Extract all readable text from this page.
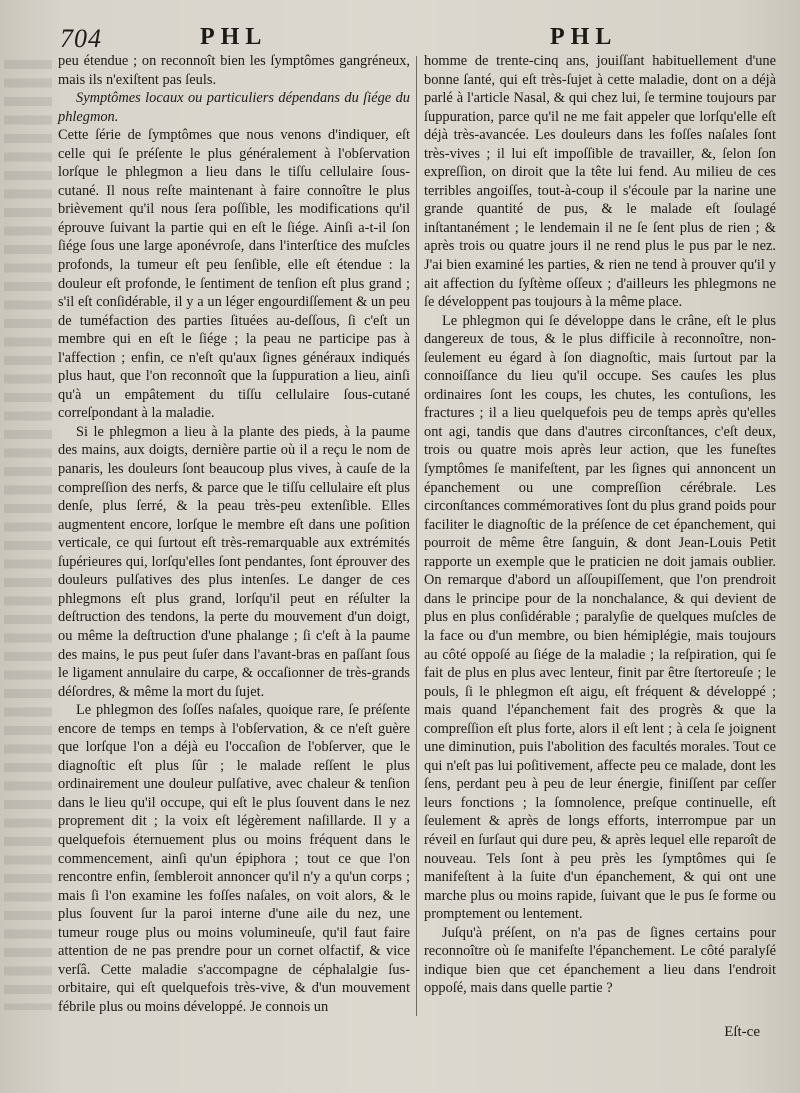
704	PHL	PHL

peu étendue ; on reconnoît bien les ſymptômes gangréneux, mais ils n'exiſtent pas ſeuls.

Symptômes locaux ou particuliers dépendans du ſiége du phlegmon.

Cette ſérie de ſymptômes que nous venons d'indiquer, eſt celle qui ſe préſente le plus généralement à l'obſervation lorſque le phlegmon a lieu dans le tiſſu cellulaire ſous-cutané. Il nous reſte maintenant à faire connoître le plus brièvement qu'il nous ſera poſſible, les modifications qu'il éprouve ſuivant la partie qui en eſt le ſiége. Ainſi a-t-il ſon ſiége ſous une large aponévroſe, dans l'interſtice des muſcles profonds, la tumeur eſt peu ſenſible, elle eſt étendue : la douleur eſt profonde, le ſentiment de tenſion eſt plus grand ; s'il eſt conſidérable, il y a un léger engourdiſſement & un peu de tuméfaction des parties ſituées au-deſſous, ſi c'eſt un membre qui en eſt le ſiége ; la peau ne participe pas à l'affection ; enfin, ce n'eſt qu'aux ſignes généraux indiqués plus haut, que l'on reconnoît que la ſuppuration a lieu, ainſi qu'à un empâtement du tiſſu cellulaire ſous-cutané correſpondant à la maladie.

Si le phlegmon a lieu à la plante des pieds, à la paume des mains, aux doigts, dernière partie où il a reçu le nom de panaris, les douleurs ſont beaucoup plus vives, à cauſe de la compreſſion des nerfs, & parce que le tiſſu cellulaire eſt plus denſe, plus ſerré, & la peau très-peu extenſible. Elles augmentent encore, lorſque le membre eſt dans une poſition verticale, ce qui ſurtout eſt très-remarquable aux extrémités ſupérieures qui, lorſqu'elles ſont pendantes, ſont éprouver des douleurs pulſatives des plus intenſes. Le danger de ces phlegmons eſt plus grand, lorſqu'il peut en réſulter la deſtruction des tendons, la perte du mouvement d'un doigt, ou même la deſtruction d'une phalange ; ſi c'eſt à la paume des mains, le pus peut ſuſer dans l'avant-bras en paſſant ſous le ligament annulaire du carpe, & occaſionner de très-grands déſordres, & même la mort du ſujet.

Le phlegmon des ſoſſes naſales, quoique rare, ſe préſente encore de temps en temps à l'obſervation, & ce n'eſt guère que lorſque l'on a déjà eu l'occaſion de l'obſerver, que le diagnoſtic eſt plus ſûr ; le malade reſſent le plus ordinairement une douleur pulſative, avec chaleur & tenſion dans le lieu qu'il occupe, qui eſt le plus ſouvent dans le nez proprement dit ; la voix eſt légèrement naſillarde. Il y a quelquefois éternuement plus ou moins fréquent dans le commencement, ainſi qu'un épiphora ; tout ce que l'on rencontre enfin, ſembleroit annoncer qu'il n'y a qu'un corps ; mais ſi l'on examine les foſſes naſales, on voit alors, & le plus ſouvent ſur la paroi interne d'une aile du nez, une tumeur rouge plus ou moins volumineuſe, qu'il faut faire attention de ne pas prendre pour un cornet olfactif, & vice verſâ. Cette maladie s'accompagne de céphalalgie ſus-orbitaire, qui eſt quelquefois très-vive, & d'un mouvement fébrile plus ou moins développé. Je connois un

homme de trente-cinq ans, jouiſſant habituellement d'une bonne ſanté, qui eſt très-ſujet à cette maladie, dont on a déjà parlé à l'article Nasal, & qui chez lui, ſe termine toujours par ſuppuration, parce qu'il ne me fait appeler que lorſqu'elle eſt déjà très-avancée. Les douleurs dans les foſſes naſales ſont très-vives ; il lui eſt impoſſible de travailler, &, ſelon ſon expreſſion, on diroit que la tête lui fend. Au milieu de ces terribles angoiſſes, tout-à-coup il s'écoule par la narine une grande quantité de pus, & le malade eſt ſoulagé inſtantanément ; le lendemain il ne ſe ſent plus de rien ; & après trois ou quatre jours il ne rend plus le pus par le nez. J'ai bien examiné les parties, & rien ne tend à prouver qu'il y ait affection du ſyſtème oſſeux ; d'ailleurs les phlegmons ne ſe développent pas toujours à la même place.

Le phlegmon qui ſe développe dans le crâne, eſt le plus dangereux de tous, & le plus difficile à reconnoître, non-ſeulement eu égard à ſon diagnoſtic, mais ſurtout par la connoiſſance du lieu qu'il occupe. Ses cauſes les plus ordinaires ſont les coups, les chutes, les contuſions, les fractures ; il a lieu quelquefois peu de temps après qu'elles ont agi, tandis que dans d'autres circonſtances, c'eſt deux, trois ou quatre mois après leur action, que les funeſtes ſymptômes ſe manifeſtent, par les ſignes qui annoncent un épanchement ou une compreſſion cérébrale. Les circonſtances commémoratives ſont du plus grand poids pour faciliter le diagnoſtic de la préſence de cet épanchement, qui pourroit de même être ſanguin, & dont Jean-Louis Petit rapporte un exemple que le praticien ne doit jamais oublier. On remarque d'abord un aſſoupiſſement, que l'on prendroit dans le principe pour de la nonchalance, & qui devient de plus en plus conſidérable ; paralyſie de quelques muſcles de la face ou d'un membre, ou bien hémiplégie, mais toujours au côté oppoſé au ſiége de la maladie ; la reſpiration, qui ſe fait de plus en plus avec lenteur, finit par être ſtertoreuſe ; le pouls, ſi le phlegmon eſt aigu, eſt fréquent & développé ; mais quand l'épanchement fait des progrès & que la compreſſion eſt plus forte, alors il eſt lent ; à cela ſe joignent une diminution, puis l'abolition des facultés morales. Tout ce qui n'eſt pas lui poſitivement, affecte peu ce malade, dont les ſens, perdant peu à peu de leur énergie, finiſſent par ceſſer leurs fonctions ; la ſomnolence, preſque continuelle, eſt ſeulement & après de longs efforts, interrompue par un réveil en ſurſaut qui dure peu, & après lequel elle reparoît de nouveau. Tels ſont à peu près les ſymptômes qui ſe manifeſtent à la ſuite d'un épanchement, & qui ont une marche plus ou moins rapide, ſuivant que le pus ſe forme ou promptement ou lentement.

Juſqu'à préſent, on n'a pas de ſignes certains pour reconnoître où ſe manifeſte l'épanchement. Le côté paralyſé indique bien que cet épanchement a lieu dans l'endroit oppoſé, mais dans quelle partie ?

Eſt-ce
